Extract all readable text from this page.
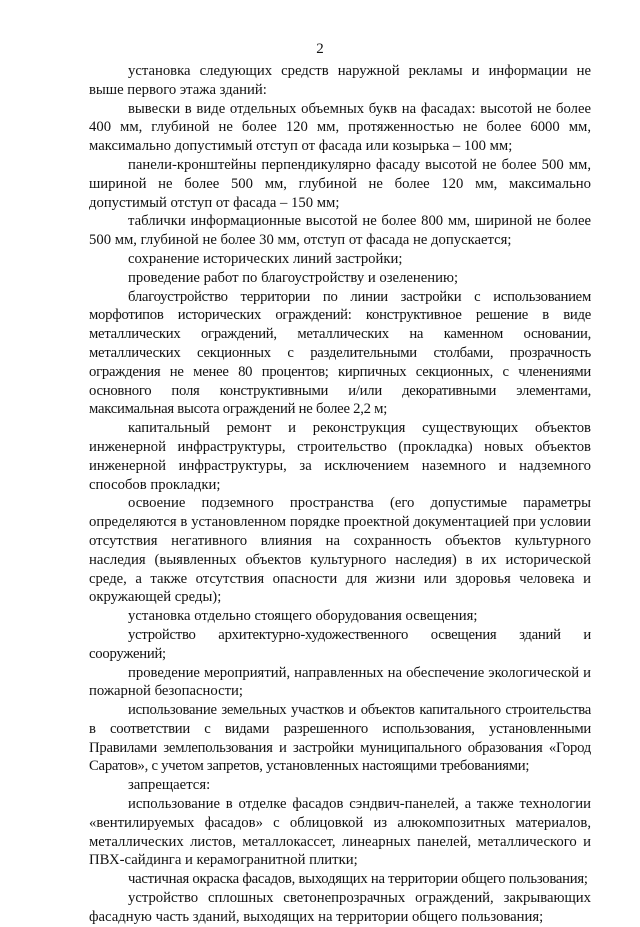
2

установка следующих средств наружной рекламы и информации не выше первого этажа зданий:

вывески в виде отдельных объемных букв на фасадах: высотой не более 400 мм, глубиной не более 120 мм, протяженностью не более 6000 мм, максимально допустимый отступ от фасада или козырька – 100 мм;

панели-кронштейны перпендикулярно фасаду высотой не более 500 мм, шириной не более 500 мм, глубиной не более 120 мм, максимально допустимый отступ от фасада – 150 мм;

таблички информационные высотой не более 800 мм, шириной не более 500 мм, глубиной не более 30 мм, отступ от фасада не допускается;

сохранение исторических линий застройки;

проведение работ по благоустройству и озеленению;

благоустройство территории по линии застройки с использованием морфотипов исторических ограждений: конструктивное решение в виде металлических ограждений, металлических на каменном основании, металлических секционных с разделительными столбами, прозрачность ограждения не менее 80 процентов; кирпичных секционных, с членениями основного поля конструктивными и/или декоративными элементами, максимальная высота ограждений не более 2,2 м;

капитальный ремонт и реконструкция существующих объектов инженерной инфраструктуры, строительство (прокладка) новых объектов инженерной инфраструктуры, за исключением наземного и надземного способов прокладки;

освоение подземного пространства (его допустимые параметры определяются в установленном порядке проектной документацией при условии отсутствия негативного влияния на сохранность объектов культурного наследия (выявленных объектов культурного наследия) в их исторической среде, а также отсутствия опасности для жизни или здоровья человека и окружающей среды);

установка отдельно стоящего оборудования освещения;

устройство архитектурно-художественного освещения зданий и сооружений;

проведение мероприятий, направленных на обеспечение экологической и пожарной безопасности;

использование земельных участков и объектов капитального строительства в соответствии с видами разрешенного использования, установленными Правилами землепользования и застройки муниципального образования «Город Саратов», с учетом запретов, установленных настоящими требованиями;

запрещается:

использование в отделке фасадов сэндвич-панелей, а также технологии «вентилируемых фасадов» с облицовкой из алюкомпозитных материалов, металлических листов, металлокассет, линеарных панелей, металлического и ПВХ-сайдинга и керамогранитной плитки;

частичная окраска фасадов, выходящих на территории общего пользования;

устройство сплошных светонепрозрачных ограждений, закрывающих фасадную часть зданий, выходящих на территории общего пользования;
